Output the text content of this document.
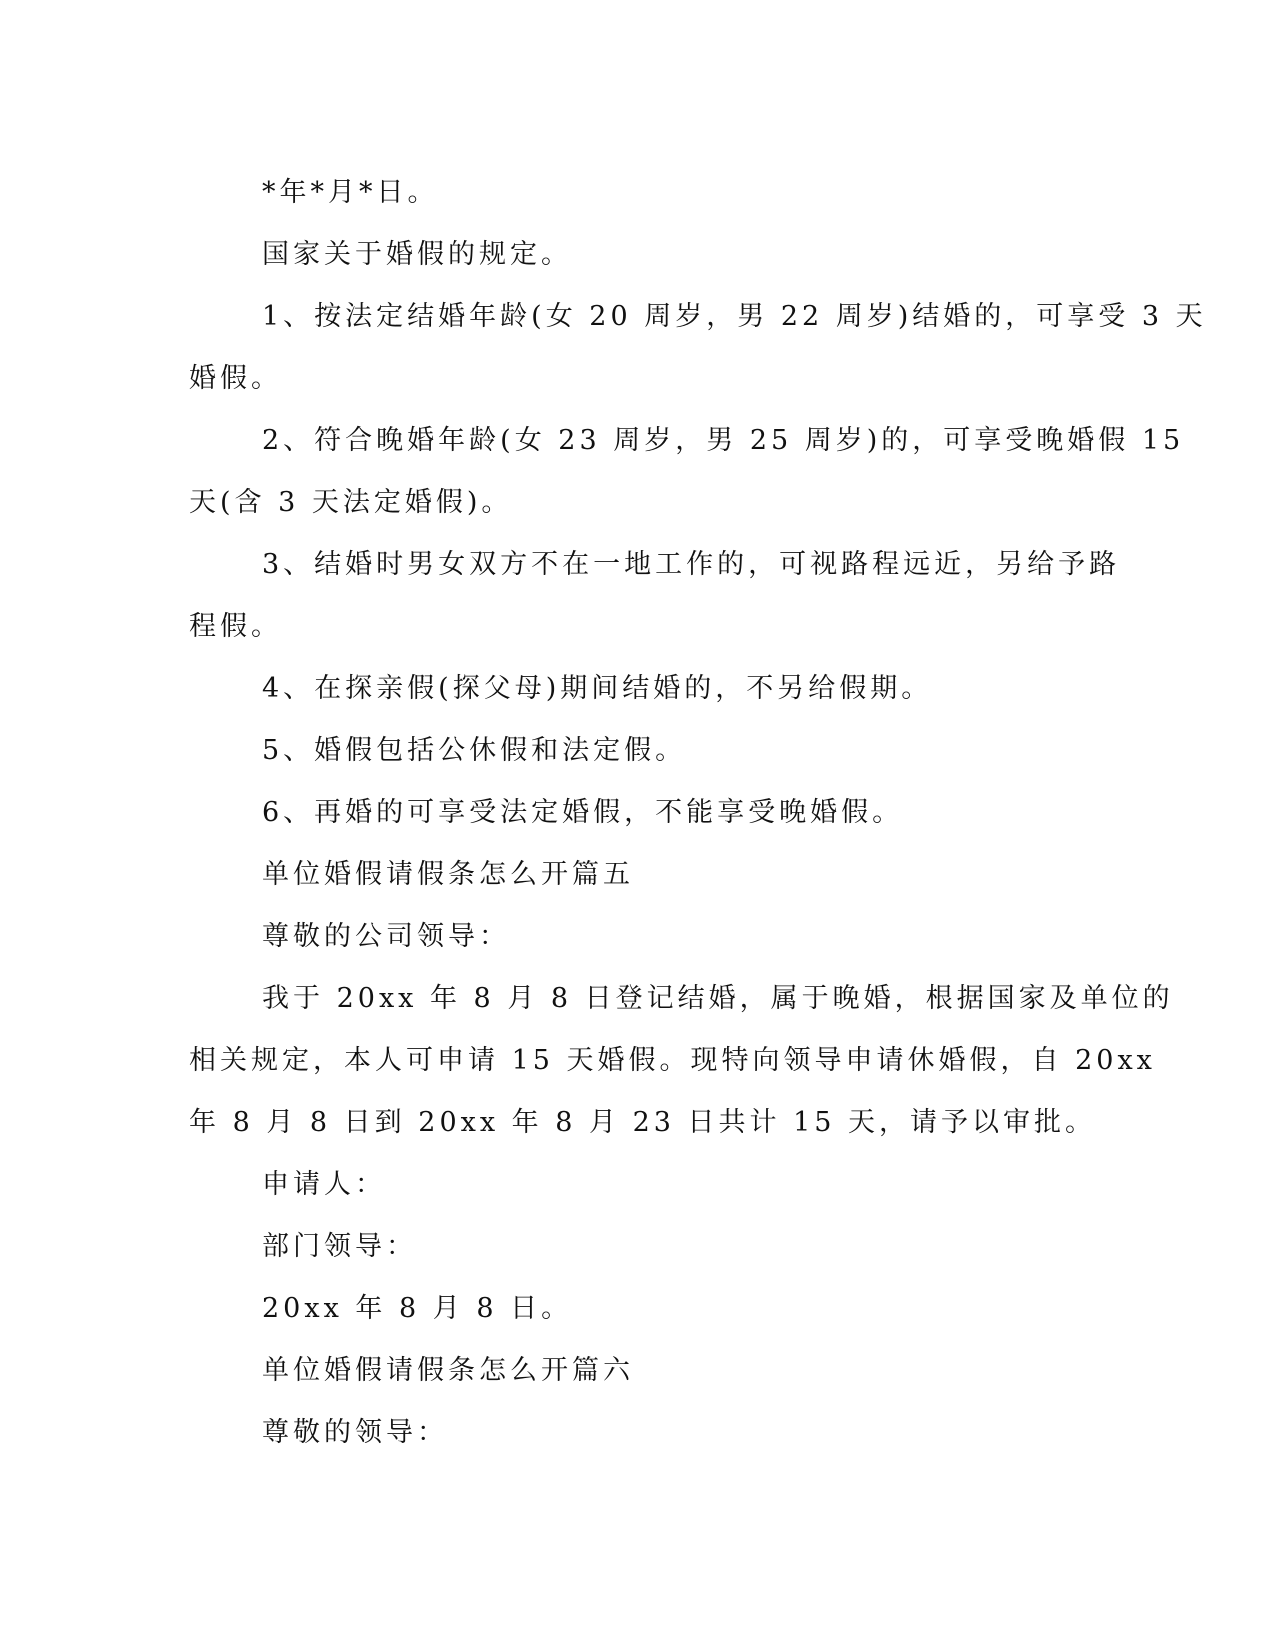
*年*月*日。
国家关于婚假的规定。
1、按法定结婚年龄(女 20 周岁，男 22 周岁)结婚的，可享受 3 天
婚假。
2、符合晚婚年龄(女 23 周岁，男 25 周岁)的，可享受晚婚假 15
天(含 3 天法定婚假)。
3、结婚时男女双方不在一地工作的，可视路程远近，另给予路
程假。
4、在探亲假(探父母)期间结婚的，不另给假期。
5、婚假包括公休假和法定假。
6、再婚的可享受法定婚假，不能享受晚婚假。
单位婚假请假条怎么开篇五
尊敬的公司领导：
我于 20xx 年 8 月 8 日登记结婚，属于晚婚，根据国家及单位的
相关规定，本人可申请 15 天婚假。现特向领导申请休婚假，自 20xx
年 8 月 8 日到 20xx 年 8 月 23 日共计 15 天，请予以审批。
申请人：
部门领导：
20xx 年 8 月 8 日。
单位婚假请假条怎么开篇六
尊敬的领导：
